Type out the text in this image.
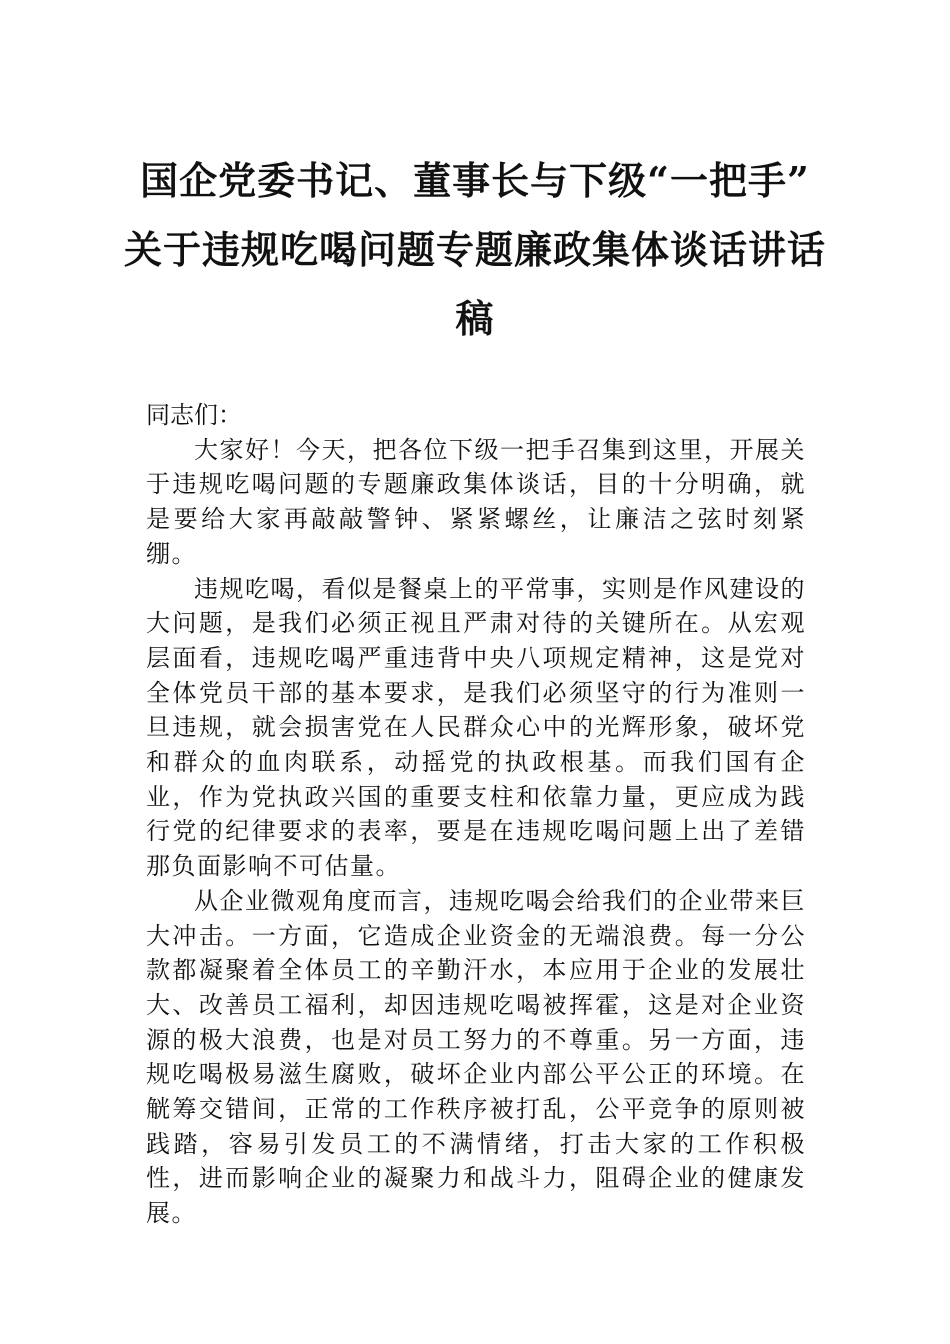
国企党委书记、董事长与下级“一把手”
关于违规吃喝问题专题廉政集体谈话讲话
稿

同志们：

大家好！今天，把各位下级一把手召集到这里，开展关于违规吃喝问题的专题廉政集体谈话，目的十分明确，就是要给大家再敲敲警钟、紧紧螺丝，让廉洁之弦时刻紧绷。

违规吃喝，看似是餐桌上的平常事，实则是作风建设的大问题，是我们必须正视且严肃对待的关键所在。从宏观层面看，违规吃喝严重违背中央八项规定精神，这是党对全体党员干部的基本要求，是我们必须坚守的行为准则一旦违规，就会损害党在人民群众心中的光辉形象，破坏党和群众的血肉联系，动摇党的执政根基。而我们国有企业，作为党执政兴国的重要支柱和依靠力量，更应成为践行党的纪律要求的表率，要是在违规吃喝问题上出了差错那负面影响不可估量。

从企业微观角度而言，违规吃喝会给我们的企业带来巨大冲击。一方面，它造成企业资金的无端浪费。每一分公款都凝聚着全体员工的辛勤汗水，本应用于企业的发展壮大、改善员工福利，却因违规吃喝被挥霍，这是对企业资源的极大浪费，也是对员工努力的不尊重。另一方面，违规吃喝极易滋生腐败，破坏企业内部公平公正的环境。在觥筹交错间，正常的工作秩序被打乱，公平竞争的原则被践踏，容易引发员工的不满情绪，打击大家的工作积极性，进而影响企业的凝聚力和战斗力，阻碍企业的健康发展。
